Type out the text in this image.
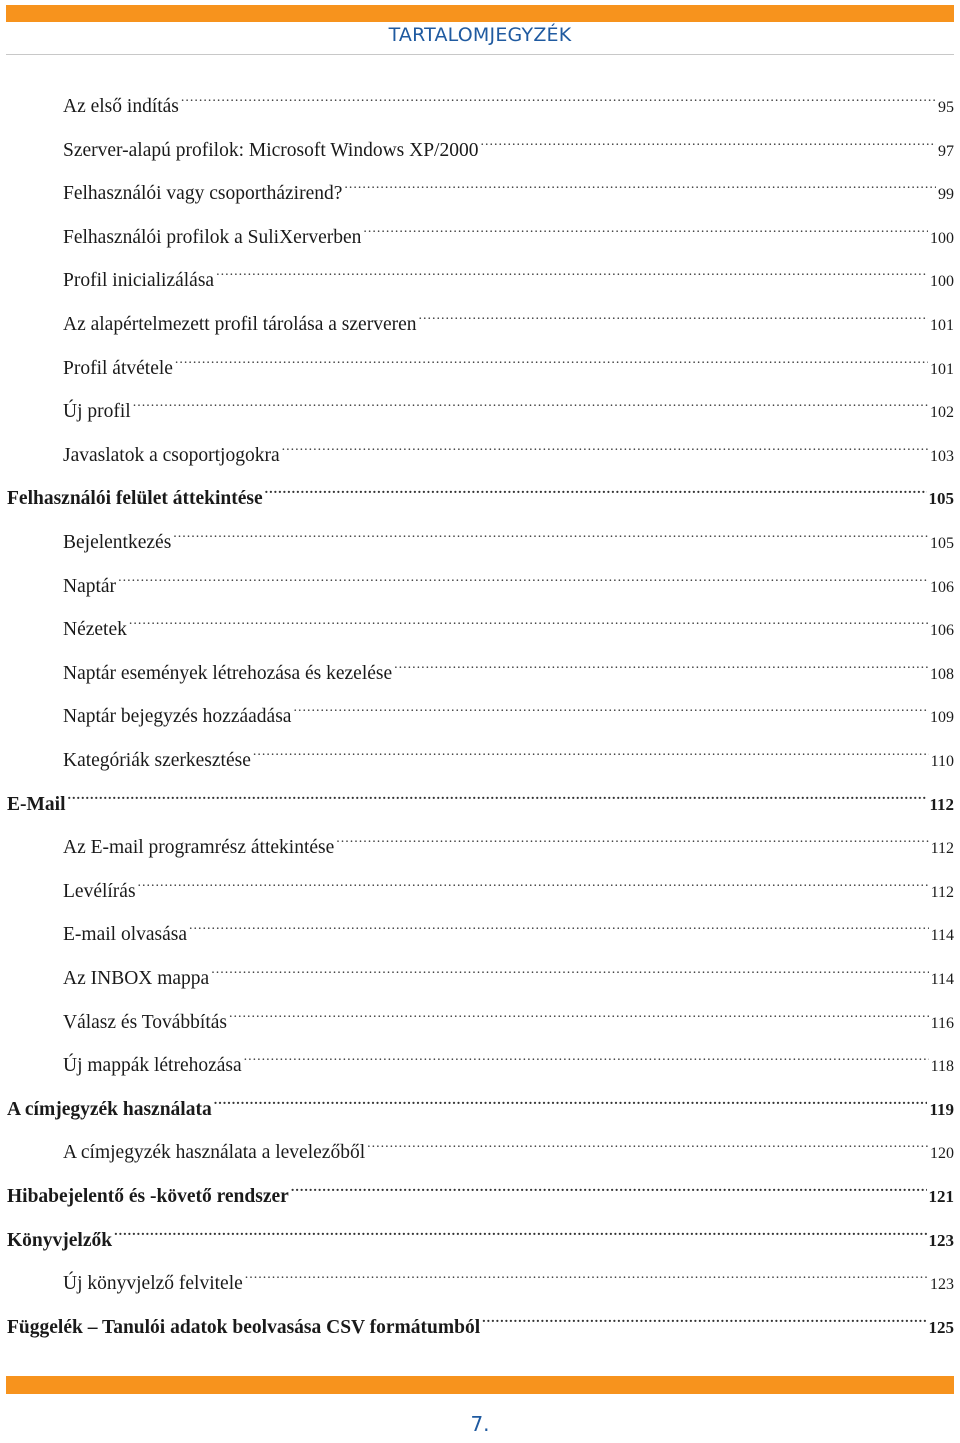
TARTALOMJEGYZÉK
Az első indítás .....	95
Szerver-alapú profilok: Microsoft Windows XP/2000 .....	97
Felhasználói vagy csoportházirend? .....	99
Felhasználói profilok a SuliXerverben .....	100
Profil inicializálása .....	100
Az alapértelmezett profil tárolása a szerveren .....	101
Profil átvétele .....	101
Új profil .....	102
Javaslatok a csoportjogokra .....	103
Felhasználói felület áttekintése .....	105
Bejelentkezés .....	105
Naptár .....	106
Nézetek .....	106
Naptár események létrehozása és kezelése .....	108
Naptár bejegyzés hozzáadása .....	109
Kategóriák szerkesztése .....	110
E-Mail .....	112
Az E-mail programrész áttekintése .....	112
Levélírás .....	112
E-mail olvasása .....	114
Az INBOX mappa .....	114
Válasz és Továbbítás .....	116
Új mappák létrehozása .....	118
A címjegyzék használata .....	119
A címjegyzék használata a levelezőből .....	120
Hibabejelentő és -követő rendszer .....	121
Könyvjelzők .....	123
Új könyvjelző felvitele .....	123
Függelék – Tanulói adatok beolvasása CSV formátumból .....	125
7.
